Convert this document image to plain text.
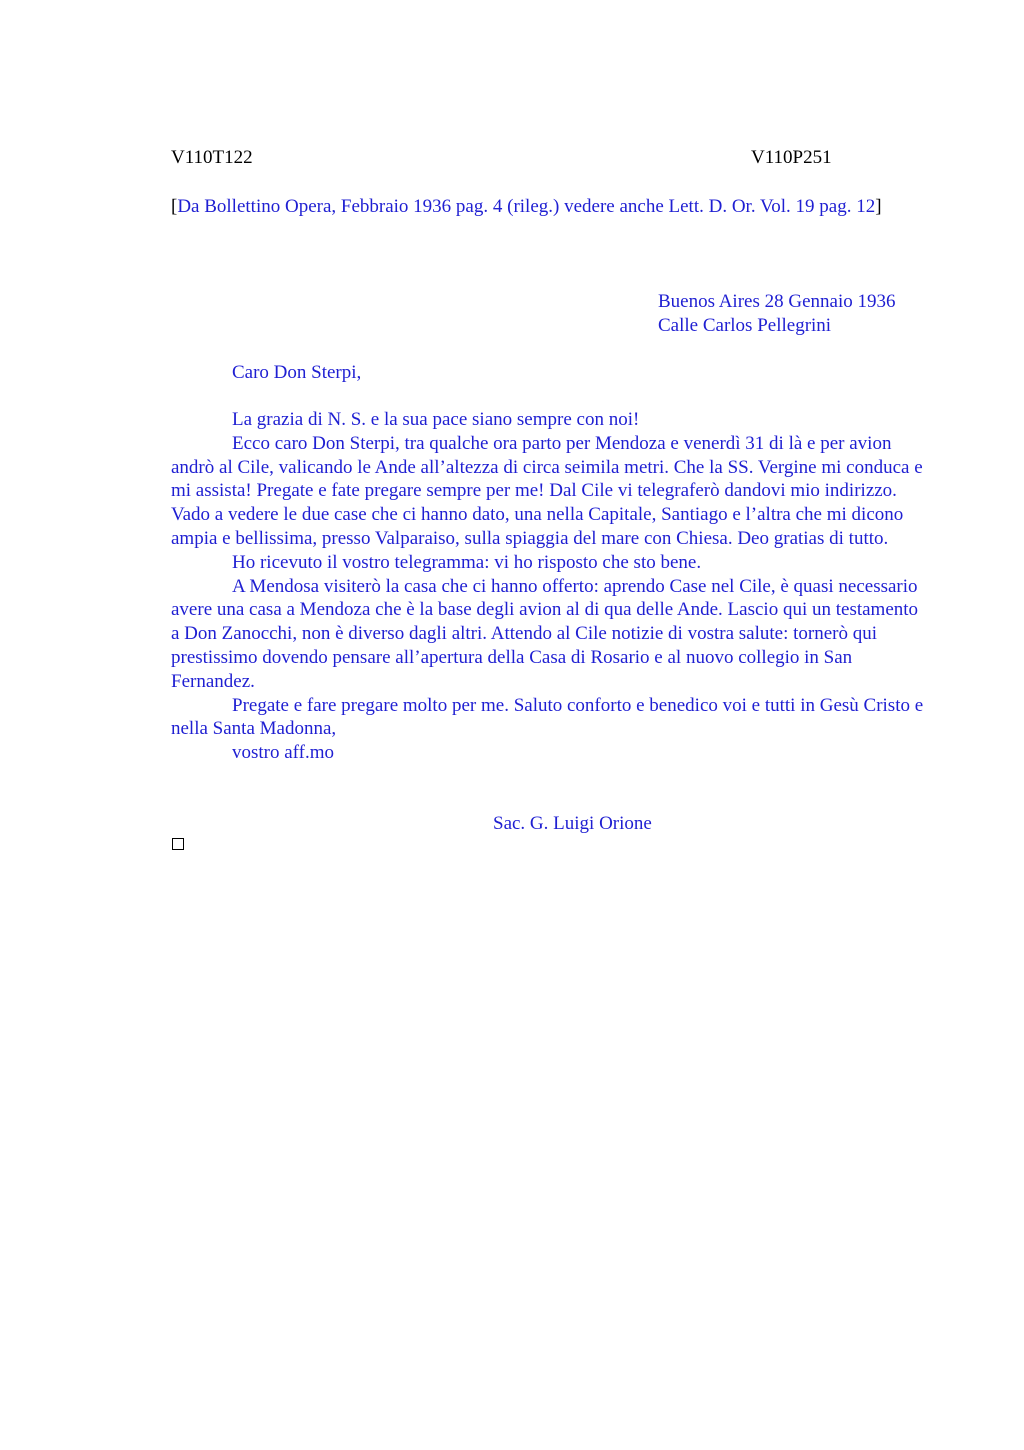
V110T122	V110P251
[Da Bollettino Opera, Febbraio 1936 pag. 4 (rileg.) vedere anche Lett. D. Or. Vol. 19 pag. 12]
Buenos Aires 28 Gennaio 1936
Calle Carlos Pellegrini
Caro Don Sterpi,

La grazia di N. S. e la sua pace siano sempre con noi!

Ecco caro Don Sterpi, tra qualche ora parto per Mendoza e venerdì 31 di là e per avion andrò al Cile, valicando le Ande all’altezza di circa seimila metri. Che la SS. Vergine mi conduca e mi assista! Pregate e fate pregare sempre per me! Dal Cile vi telegraferò dandovi mio indirizzo. Vado a vedere le due case che ci hanno dato, una nella Capitale, Santiago e l’altra che mi dicono ampia e bellissima, presso Valparaiso, sulla spiaggia del mare con Chiesa. Deo gratias di tutto.

Ho ricevuto il vostro telegramma: vi ho risposto che sto bene.

A Mendosa visiterò la casa che ci hanno offerto: aprendo Case nel Cile, è quasi necessario avere una casa a Mendoza che è la base degli avion al di qua delle Ande. Lascio qui un testamento a Don Zanocchi, non è diverso dagli altri. Attendo al Cile notizie di vostra salute: tornerò qui prestissimo dovendo pensare all’apertura della Casa di Rosario e al nuovo collegio in San Fernandez.

Pregate e fare pregare molto per me. Saluto conforto e benedico voi e tutti in Gesù Cristo e nella Santa Madonna,

vostro aff.mo

Sac. G. Luigi Orione
